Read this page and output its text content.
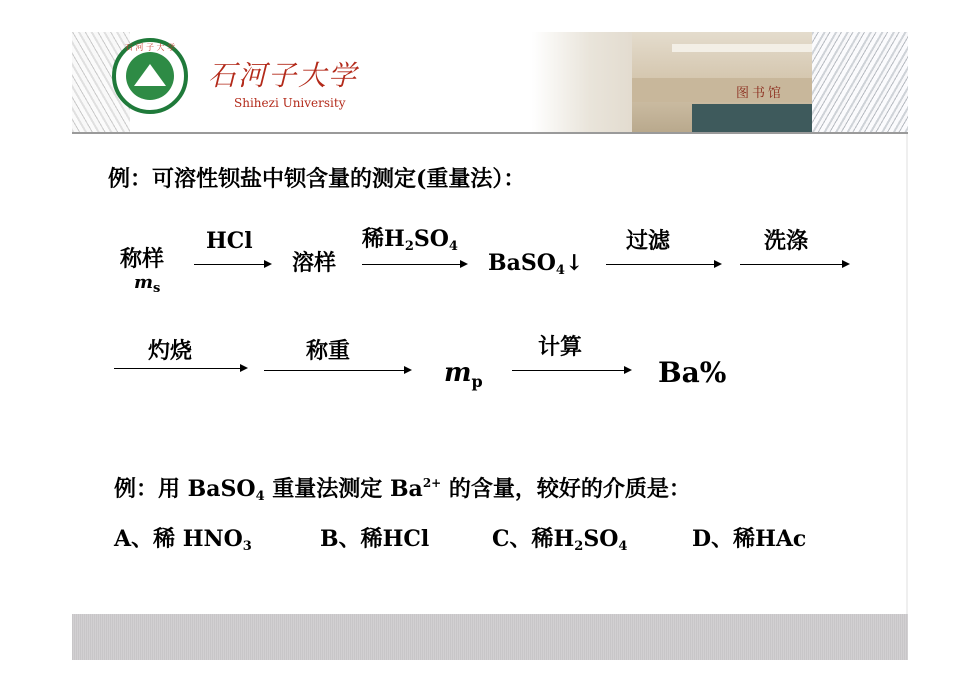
图书馆
石 河 子 大 学
石河子大学
Shihezi University
例：可溶性钡盐中钡含量的测定(重量法）：
称样
$m_s$
HCl
溶样
稀H2SO4
BaSO4↓
过滤	洗涤
灼烧	称重
$m_p$
计算
Ba%
例：用 BaSO4 重量法测定 $Ba^{2+}$ 的含量，较好的介质是：
A、稀 HNO3	B、稀HCl	C、稀H2SO4	D、稀HAc
